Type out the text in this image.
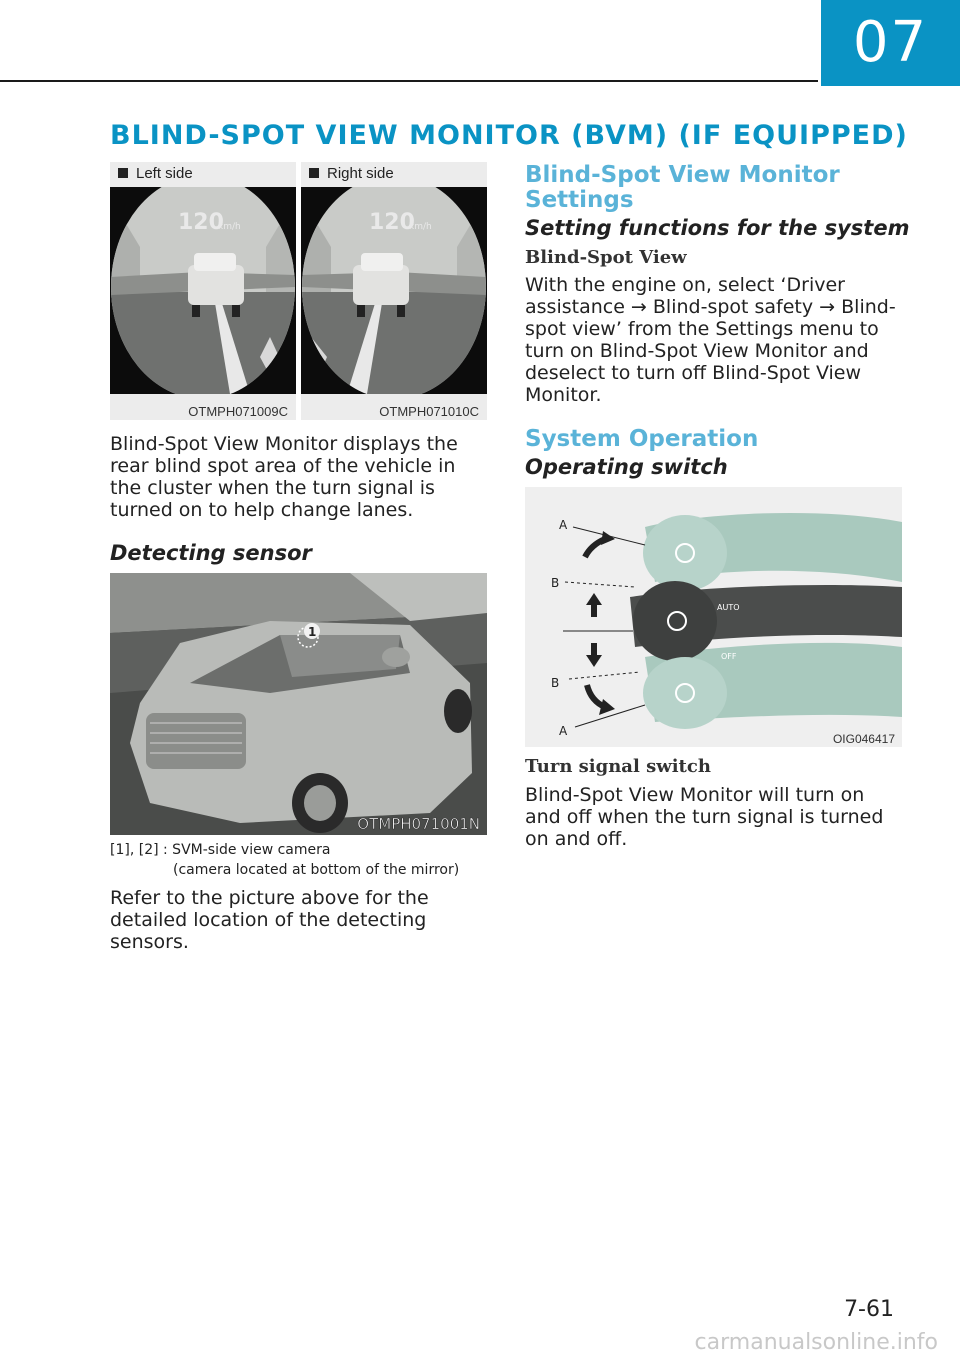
07
BLIND-SPOT VIEW MONITOR (BVM) (IF EQUIPPED)
Left side
120
km/h
OTMPH071009C
Right side
120
km/h
OTMPH071010C
Blind-Spot View Monitor displays the rear blind spot area of the vehicle in the cluster when the turn signal is turned on to help change lanes.
Detecting sensor
1
OTMPH071001N
[1], [2] : SVM-side view camera
(camera located at bottom of the mirror)
Refer to the picture above for the detailed location of the detecting sensors.
Blind-Spot View Monitor
Settings
Setting functions for the system
Blind-Spot View
With the engine on, select ‘Driver assistance → Blind-spot safety → Blind-spot view’ from the Settings menu to turn on Blind-Spot View Monitor and deselect to turn off Blind-Spot View Monitor.
System Operation
Operating switch
AUTO
OFF
A
B
B
A
OIG046417
Turn signal switch
Blind-Spot View Monitor will turn on and off when the turn signal is turned on and off.
7-61
carmanualsonline.info
